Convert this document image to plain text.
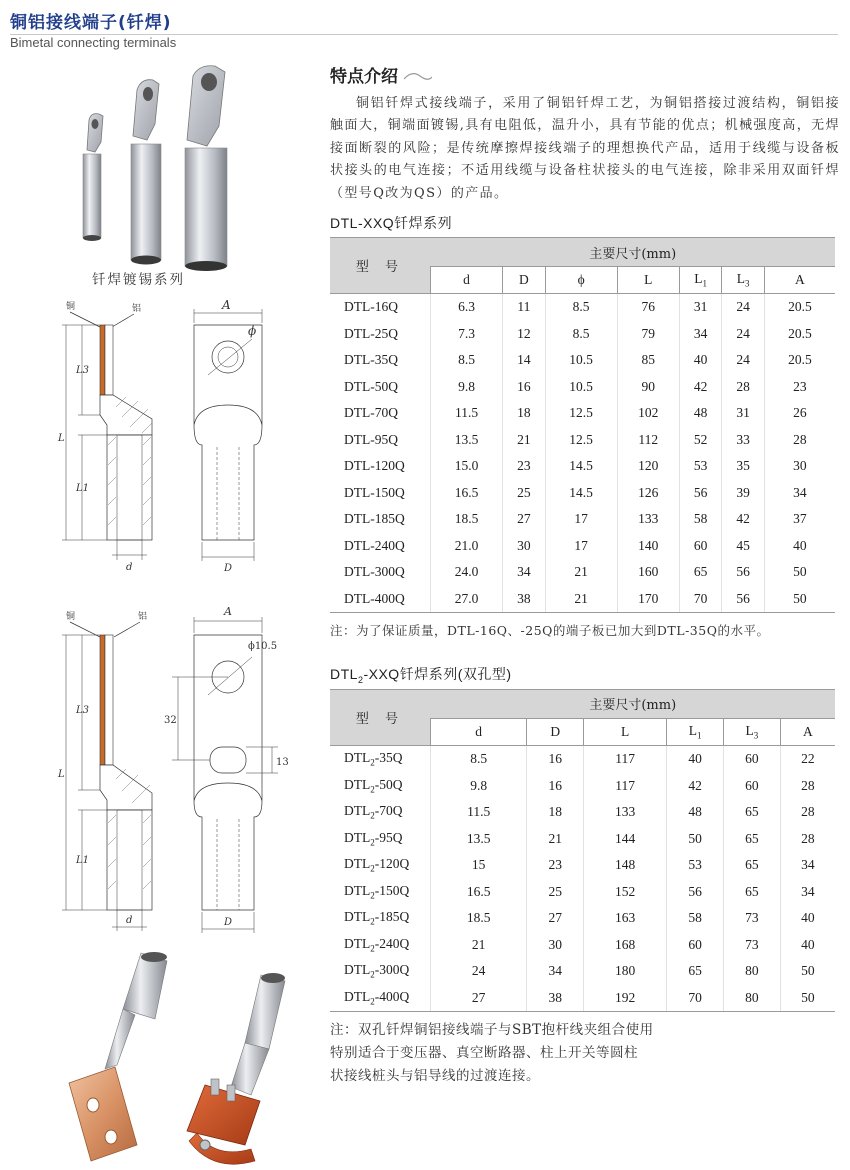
铜铝接线端子(钎焊)
Bimetal connecting terminals
钎焊镀锡系列
铜	铝
L3
L
L1
d
A
ϕ
D
铜	铝
L3
L
L1
d
A
ϕ10.5
32
13
D
特点介绍

铜铝钎焊式接线端子，采用了铜铝钎焊工艺，为铜铝搭接过渡结构，铜铝接触面大，铜端面镀锡,具有电阻低，温升小，具有节能的优点；机械强度高，无焊接面断裂的风险；是传统摩擦焊接线端子的理想换代产品，适用于线缆与设备板状接头的电气连接；不适用线缆与设备柱状接头的电气连接，除非采用双面钎焊（型号Q改为QS）的产品。

DTL-XXQ钎焊系列
型 号	主要尺寸(mm)						
	d	D	ϕ	L	$L_1$	$L_3$	A
DTL-16Q	6.3	11	8.5	76	31	24	20.5
DTL-25Q	7.3	12	8.5	79	34	24	20.5
DTL-35Q	8.5	14	10.5	85	40	24	20.5
DTL-50Q	9.8	16	10.5	90	42	28	23
DTL-70Q	11.5	18	12.5	102	48	31	26
DTL-95Q	13.5	21	12.5	112	52	33	28
DTL-120Q	15.0	23	14.5	120	53	35	30
DTL-150Q	16.5	25	14.5	126	56	39	34
DTL-185Q	18.5	27	17	133	58	42	37
DTL-240Q	21.0	30	17	140	60	45	40
DTL-300Q	24.0	34	21	160	65	56	50
DTL-400Q	27.0	38	21	170	70	56	50
注：为了保证质量，DTL-16Q、-25Q的端子板已加大到DTL-35Q的水平。
$DTL_2$-XXQ钎焊系列(双孔型)
型 号	主要尺寸(mm)					
	d	D	L	$L_1$	$L_3$	A
$DTL_2-35Q$	8.5	16	117	40	60	22
$DTL_2-50Q$	9.8	16	117	42	60	28
$DTL_2-70Q$	11.5	18	133	48	65	28
$DTL_2-95Q$	13.5	21	144	50	65	28
$DTL_2-120Q$	15	23	148	53	65	34
$DTL_2-150Q$	16.5	25	152	56	65	34
$DTL_2-185Q$	18.5	27	163	58	73	40
$DTL_2-240Q$	21	30	168	60	73	40
$DTL_2-300Q$	24	34	180	65	80	50
$DTL_2-400Q$	27	38	192	70	80	50
注：双孔钎焊铜铝接线端子与SBT抱杆线夹组合使用
特别适合于变压器、真空断路器、柱上开关等圆柱
状接线桩头与铝导线的过渡连接。
